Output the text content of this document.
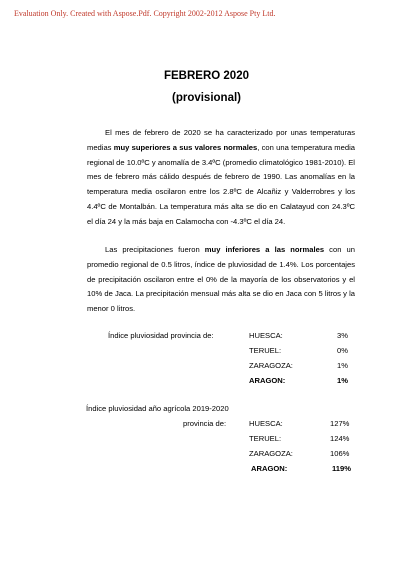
Evaluation Only. Created with Aspose.Pdf. Copyright 2002-2012 Aspose Pty Ltd.
FEBRERO 2020
(provisional)
El mes de febrero de 2020 se ha caracterizado por unas temperaturas medias muy superiores a sus valores normales, con una temperatura media regional de 10.0ºC y anomalía de 3.4ºC (promedio climatológico 1981-2010). El mes de febrero más cálido después de febrero de 1990. Las anomalías en la temperatura media oscilaron entre los 2.8ºC de Alcañiz y Valderrobres y los 4.4ºC de Montalbán. La temperatura más alta se dio en Calatayud con 24.3ºC el día 24 y la más baja en Calamocha con -4.3ºC el día 24.
Las precipitaciones fueron muy inferiores a las normales con un promedio regional de 0.5 litros, índice de pluviosidad de 1.4%. Los porcentajes de precipitación oscilaron entre el 0% de la mayoría de los observatorios y el 10% de Jaca. La precipitación mensual más alta se dio en Jaca con 5 litros y la menor 0 litros.
Índice pluviosidad provincia de:	HUESCA:	3%
TERUEL:	0%
ZARAGOZA:	1%
ARAGON:	1%
Índice pluviosidad año agrícola 2019-2020
provincia de:	HUESCA:	127%
TERUEL:	124%
ZARAGOZA:	106%
ARAGON:	119%
